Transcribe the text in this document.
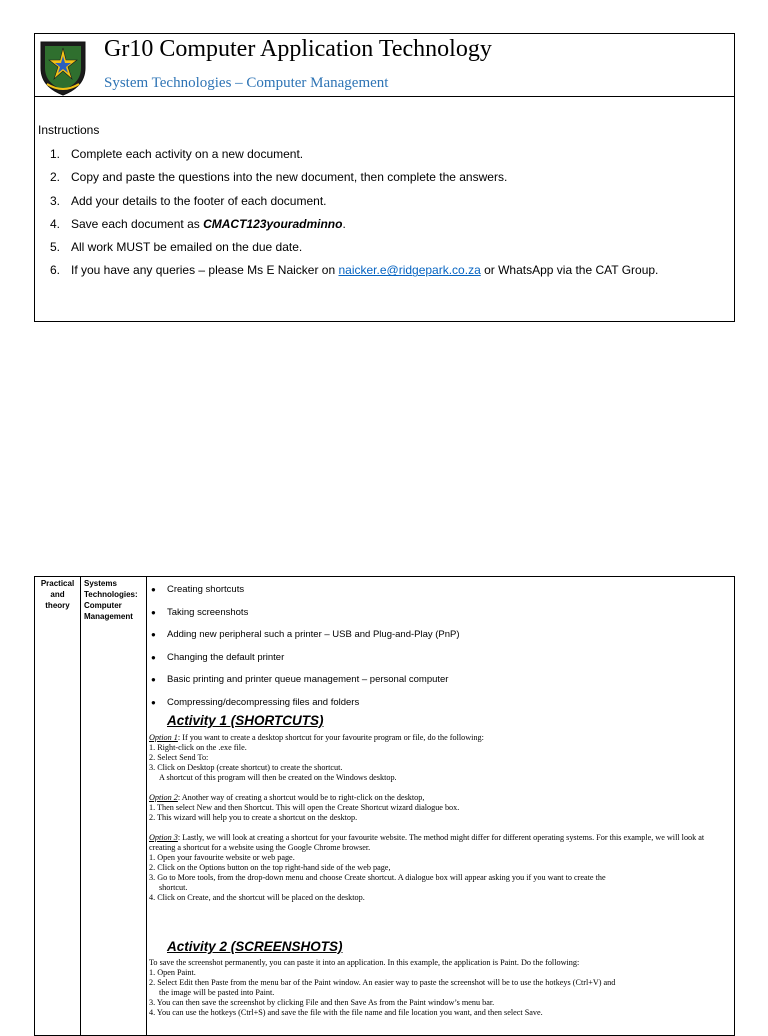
Gr10 Computer Application Technology
System Technologies – Computer Management
Instructions
1. Complete each activity on a new document.
2. Copy and paste the questions into the new document, then complete the answers.
3. Add your details to the footer of each document.
4. Save each document as CMACT123youradminno.
5. All work MUST be emailed on the due date.
6. If you have any queries – please Ms E Naicker on naicker.e@ridgepark.co.za or WhatsApp via the CAT Group.
Practical
and
theory
Systems
Technologies:
Computer
Management
● Creating shortcuts
● Taking screenshots
● Adding new peripheral such a printer – USB and Plug-and-Play (PnP)
● Changing the default printer
● Basic printing and printer queue management – personal computer
● Compressing/decompressing files and folders
Activity 1 (SHORTCUTS)

Option 1: If you want to create a desktop shortcut for your favourite program or file, do the following:

1. Right-click on the .exe file.

2. Select Send To:

3. Click on Desktop (create shortcut) to create the shortcut.

A shortcut of this program will then be created on the Windows desktop.

Option 2: Another way of creating a shortcut would be to right-click on the desktop,

1. Then select New and then Shortcut. This will open the Create Shortcut wizard dialogue box.

2. This wizard will help you to create a shortcut on the desktop.

Option 3: Lastly, we will look at creating a shortcut for your favourite website. The method might differ for different operating systems. For this example, we will look at creating a shortcut for a website using the Google Chrome browser.

1. Open your favourite website or web page.

2. Click on the Options button on the top right-hand side of the web page,

3. Go to More tools, from the drop-down menu and choose Create shortcut. A dialogue box will appear asking you if you want to create the

shortcut.

4. Click on Create, and the shortcut will be placed on the desktop.

Activity 2 (SCREENSHOTS)

To save the screenshot permanently, you can paste it into an application. In this example, the application is Paint. Do the following:

1. Open Paint.

2. Select Edit then Paste from the menu bar of the Paint window. An easier way to paste the screenshot will be to use the hotkeys (Ctrl+V) and

the image will be pasted into Paint.

3. You can then save the screenshot by clicking File and then Save As from the Paint window’s menu bar.

4. You can use the hotkeys (Ctrl+S) and save the file with the file name and file location you want, and then select Save.
